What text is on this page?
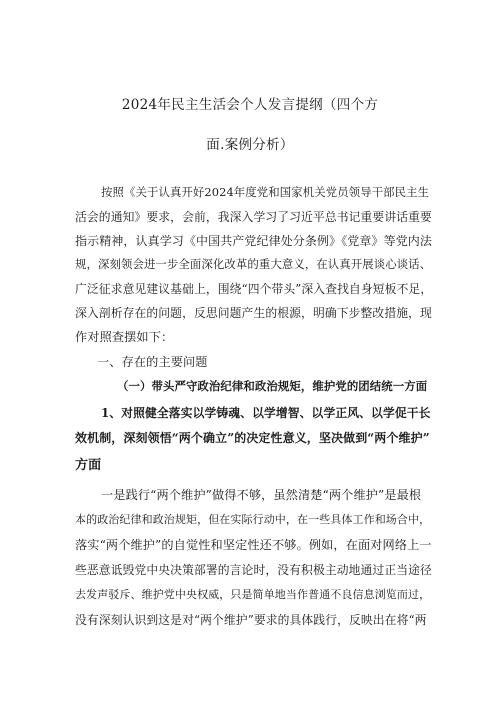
2024年民主生活会个人发言提纲（四个方
面.案例分析）
按照《关于认真开好2024年度党和国家机关党员领导干部民主生
活会的通知》要求，会前，我深入学习了习近平总书记重要讲话重要
指示精神，认真学习《中国共产党纪律处分条例》《党章》等党内法
规，深刻领会进一步全面深化改革的重大意义，在认真开展谈心谈话、
广泛征求意见建议基础上，围绕“四个带头”深入查找自身短板不足，
深入剖析存在的问题，反思问题产生的根源，明确下步整改措施，现
作对照查摆如下：
一、存在的主要问题
（一）带头严守政治纪律和政治规矩，维护党的团结统一方面
1、对照健全落实以学铸魂、以学增智、以学正风、以学促干长
效机制，深刻领悟“两个确立”的决定性意义，坚决做到“两个维护”
方面
一是践行“两个维护”做得不够，虽然清楚“两个维护”是最根
本的政治纪律和政治规矩，但在实际行动中，在一些具体工作和场合中，
落实“两个维护”的自觉性和坚定性还不够。例如，在面对网络上一
些恶意诋毁党中央决策部署的言论时，没有积极主动地通过正当途径
去发声驳斥、维护党中央权威，只是简单地当作普通不良信息浏览而过，
没有深刻认识到这是对“两个维护”要求的具体践行，反映出在将“两
